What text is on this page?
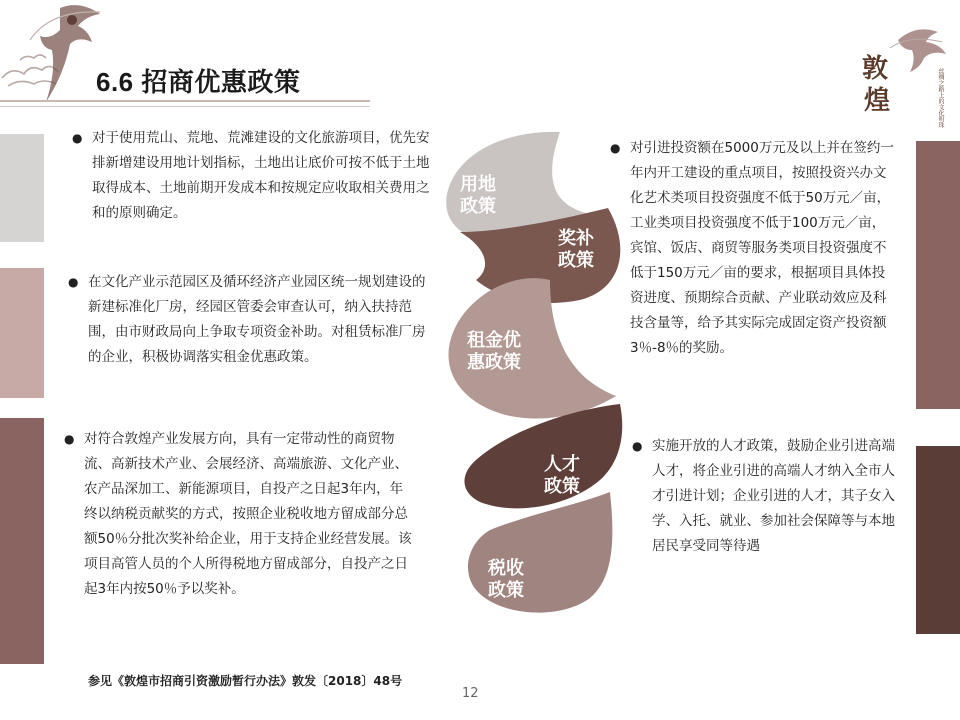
6.6 招商优惠政策	敦
煌	丝绸之路上的文化明珠
● 对于使用荒山、荒地、荒滩建设的文化旅游项目，优先安排新增建设用地计划指标，土地出让底价可按不低于土地取得成本、土地前期开发成本和按规定应收取相关费用之和的原则确定。
● 在文化产业示范园区及循环经济产业园区统一规划建设的新建标准化厂房，经园区管委会审查认可，纳入扶持范围，由市财政局向上争取专项资金补助。对租赁标准厂房的企业，积极协调落实租金优惠政策。
● 对符合敦煌产业发展方向，具有一定带动性的商贸物流、高新技术产业、会展经济、高端旅游、文化产业、农产品深加工、新能源项目，自投产之日起3年内，年终以纳税贡献奖的方式，按照企业税收地方留成部分总额50％分批次奖补给企业，用于支持企业经营发展。该项目高管人员的个人所得税地方留成部分，自投产之日起3年内按50％予以奖补。
● 对引进投资额在5000万元及以上并在签约一年内开工建设的重点项目，按照投资兴办文化艺术类项目投资强度不低于50万元／亩，工业类项目投资强度不低于100万元／亩，宾馆、饭店、商贸等服务类项目投资强度不低于150万元／亩的要求，根据项目具体投资进度、预期综合贡献、产业联动效应及科技含量等，给予其实际完成固定资产投资额3％-8％的奖励。
● 实施开放的人才政策，鼓励企业引进高端人才，将企业引进的高端人才纳入全市人才引进计划；企业引进的人才，其子女入学、入托、就业、参加社会保障等与本地居民享受同等待遇
用地
政策
奖补
政策
租金优
惠政策
人才
政策
税收
政策
参见《敦煌市招商引资激励暂行办法》敦发〔2018〕48号
12
